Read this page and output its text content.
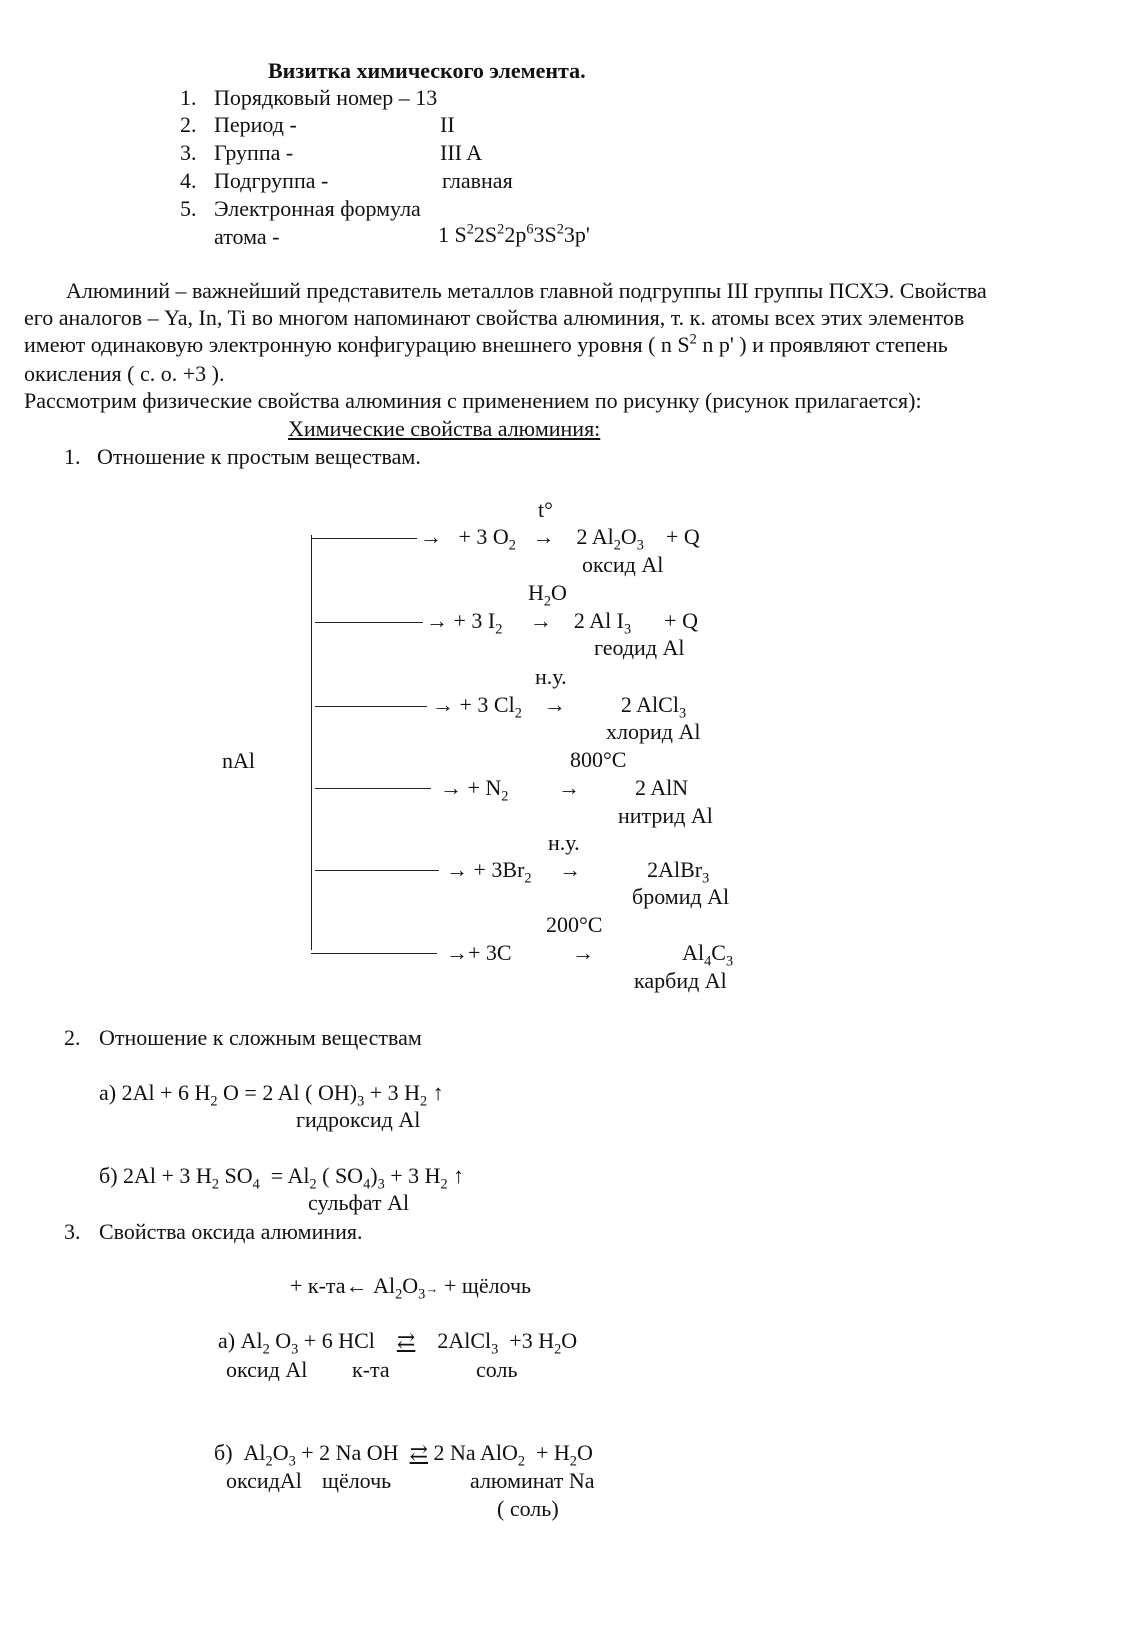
Визитка химического элемента.
1. Порядковый номер – 13
2. Период -	II
3. Группа -	III A
4. Подгруппа -	главная
5. Электронная формула
атома -	1 $S^22S^22p^63S^23p'$
Алюминий – важнейший представитель металлов главной подгруппы III группы ПСХЭ. Свойства
его аналогов – Ya, In, Ti во многом напоминают свойства алюминия, т. к. атомы всех этих элементов
имеют одинаковую электронную конфигурацию внешнего уровня ( n $S^2$ n p' ) и проявляют степень
окисления ( с. о. +3 ).
Рассмотрим физические свойства алюминия с применением по рисунку (рисунок прилагается):
Химические свойства алюминия:
1. Отношение к простым веществам.
nAl
t°
→   + 3 $O_2$   →    2 $Al_2O_3$    + Q
оксид Al
$H_2O$
→ + 3 $I_2$     →    2 Al $I_3$      + Q
геодид Al
н.у.
→ + 3 $Cl_2$    →          2 AlCl$_3$
хлорид Al
800°C
→ + $N_2$         →          2 AlN
нитрид Al
н.у.
→ + $3Br_2$     →            2AlBr$_3$
бромид Al
200°C
→+ 3C           →                $Al_4C_3$
карбид Al
2. Отношение к сложным веществам
а) 2Al + 6 $H_2$ O = 2 Al ( $OH)_3 + 3$ $H_2$ ↑
гидроксид Al
б) 2Al + 3 $H_2$ $SO_4 = Al_2$ ( $SO_4)_3 + 3$ $H_2$ ↑
сульфат Al
3. Свойства оксида алюминия.
+ к-та← $Al_2O_3\to$ + щёлочь
а) $Al_2$ $O_3 + 6$ HCl    ⇄    2AlCl$_3$  +3 $H_2O$
оксид Al к-та	соль
б)  $Al_2O_3 + 2$ Na OH  ⇄ 2 Na $AlO_2 + H_2O$
оксидAl щёлочь	алюминат Na
( соль)
